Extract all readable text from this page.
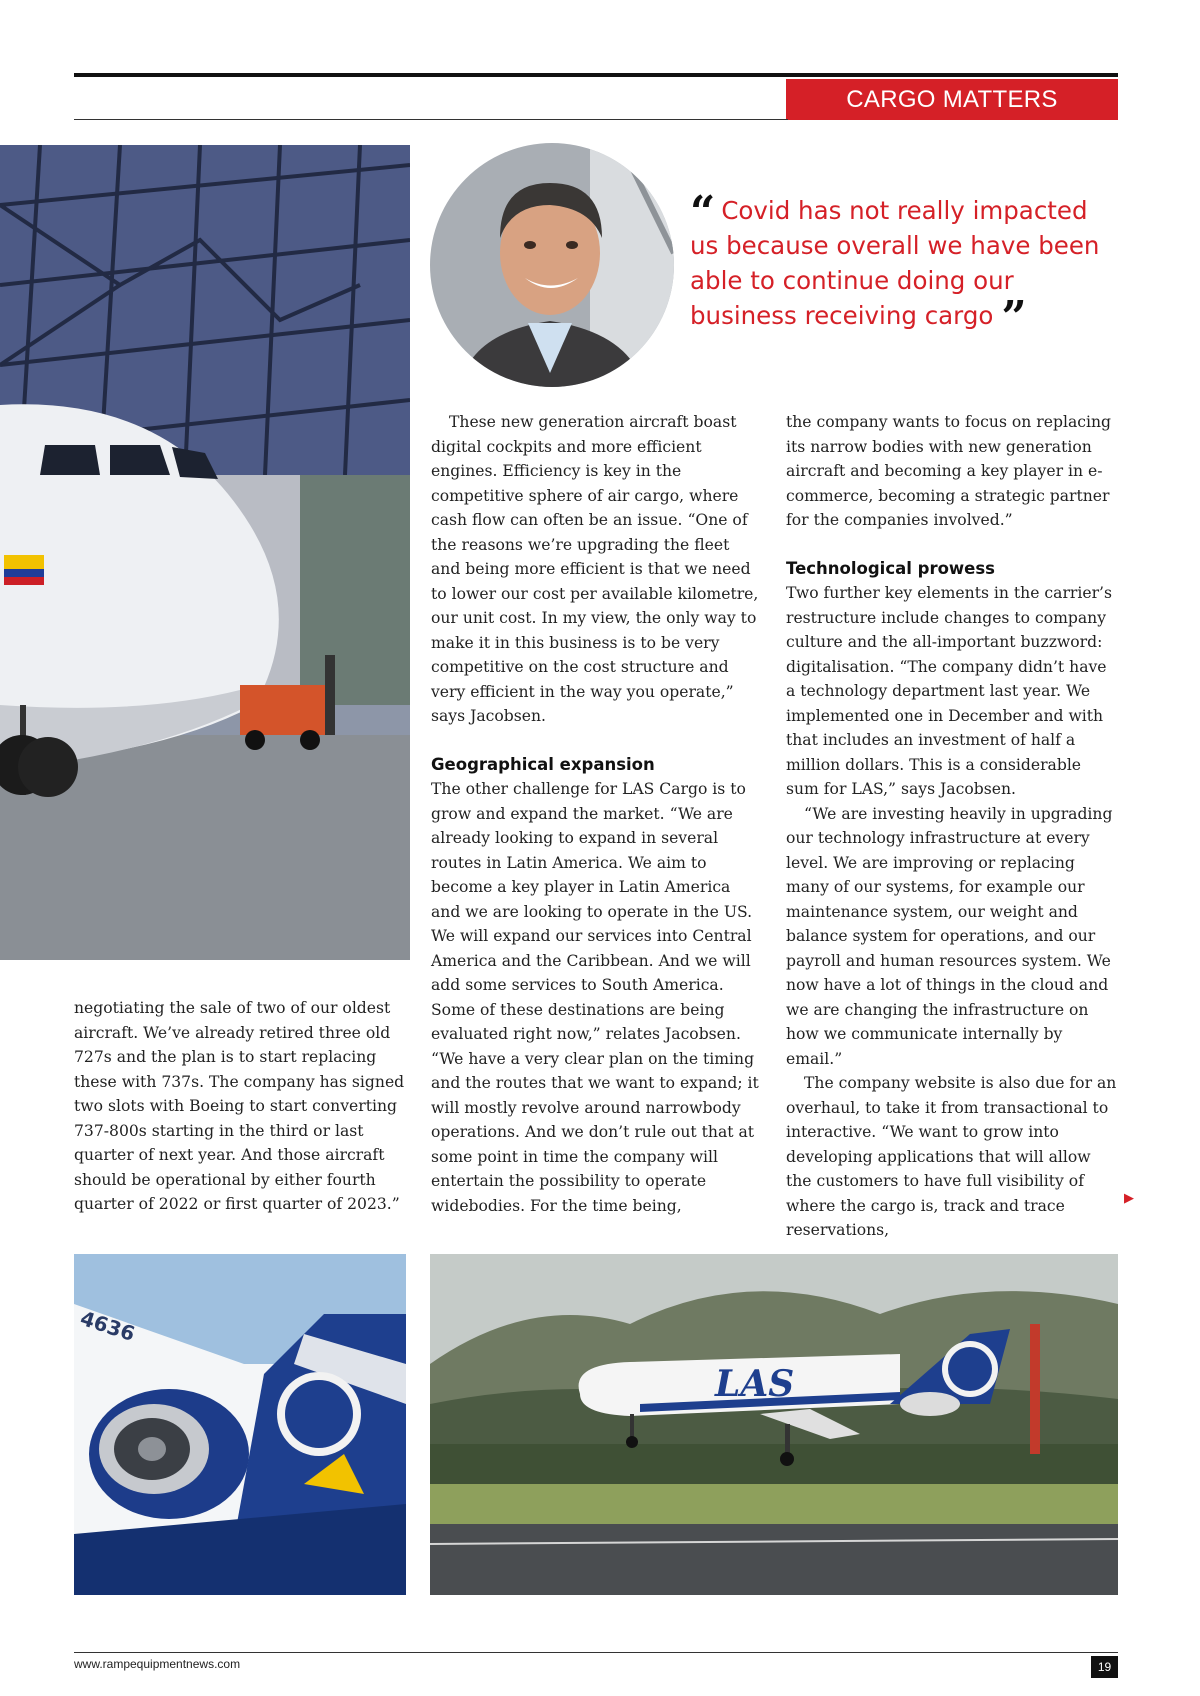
CARGO MATTERS
“ Covid has not really impacted us because overall we have been able to continue doing our business receiving cargo ”

negotiating the sale of two of our oldest aircraft. We’ve already retired three old 727s and the plan is to start replacing these with 737s. The company has signed two slots with Boeing to start converting 737-800s starting in the third or last quarter of next year. And those aircraft should be operational by either fourth quarter of 2022 or first quarter of 2023.”

These new generation aircraft boast digital cockpits and more efficient engines. Efficiency is key in the competitive sphere of air cargo, where cash flow can often be an issue. “One of the reasons we’re upgrading the fleet and being more efficient is that we need to lower our cost per available kilometre, our unit cost. In my view, the only way to make it in this business is to be very competitive on the cost structure and very efficient in the way you operate,” says Jacobsen.

Geographical expansion

The other challenge for LAS Cargo is to grow and expand the market. “We are already looking to expand in several routes in Latin America. We aim to become a key player in Latin America and we are looking to operate in the US. We will expand our services into Central America and the Caribbean. And we will add some services to South America. Some of these destinations are being evaluated right now,” relates Jacobsen. “We have a very clear plan on the timing and the routes that we want to expand; it will mostly revolve around narrowbody operations. And we don’t rule out that at some point in time the company will entertain the possibility to operate widebodies. For the time being,

the company wants to focus on replacing its narrow bodies with new generation aircraft and becoming a key player in e-commerce, becoming a strategic partner for the companies involved.”

Technological prowess

Two further key elements in the carrier’s restructure include changes to company culture and the all-important buzzword: digitalisation. “The company didn’t have a technology department last year. We implemented one in December and with that includes an investment of half a million dollars. This is a considerable sum for LAS,” says Jacobsen.

“We are investing heavily in upgrading our technology infrastructure at every level. We are improving or replacing many of our systems, for example our maintenance system, our weight and balance system for operations, and our payroll and human resources system. We now have a lot of things in the cloud and we are changing the infrastructure on how we communicate internally by email.”

The company website is also due for an overhaul, to take it from transactional to interactive. “We want to grow into developing applications that will allow the customers to have full visibility of where the cargo is, track and trace reservations,

▶
4636
LAS
www.rampequipmentnews.com	19
